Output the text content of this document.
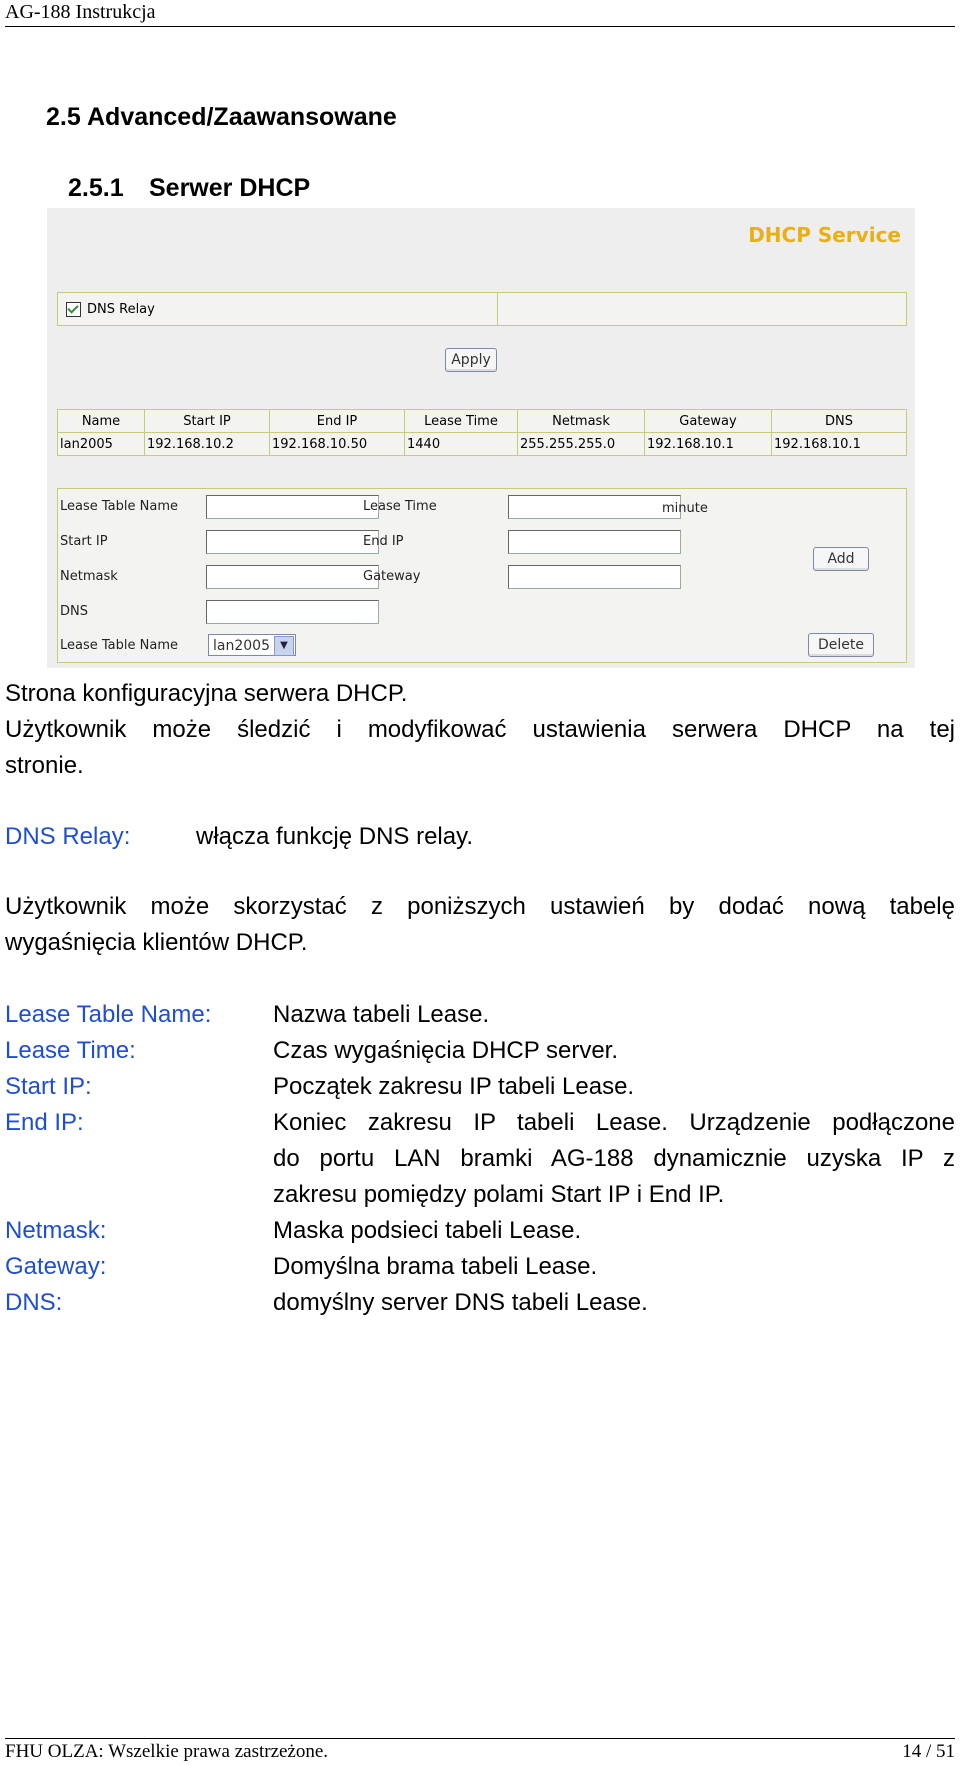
AG-188 Instrukcja
2.5 Advanced/Zaawansowane
2.5.1 Serwer DHCP
DHCP Service
DNS Relay
Apply
Name	Start IP	End IP	Lease Time	Netmask	Gateway	DNS
lan2005	192.168.10.2	192.168.10.50	1440	255.255.255.0	192.168.10.1	192.168.10.1
Lease Table Name	Lease Time	minute
Start IP	End IP
Netmask	Gateway
DNS
Lease Table Name	lan2005	▼
Add
Delete
Strona konfiguracyjna serwera DHCP.
Użytkownik może śledzić i modyfikować ustawienia serwera DHCP na tej
stronie.
DNS Relay:	włącza funkcję DNS relay.
Użytkownik może skorzystać z poniższych ustawień by dodać nową tabelę
wygaśnięcia klientów DHCP.
Lease Table Name:	Nazwa tabeli Lease.
Lease Time:	Czas wygaśnięcia DHCP server.
Start IP:	Początek zakresu IP tabeli Lease.
End IP:	Koniec zakresu IP tabeli Lease. Urządzenie podłączone
do portu LAN bramki AG-188 dynamicznie uzyska IP z
zakresu pomiędzy polami Start IP i End IP.
Netmask:	Maska podsieci tabeli Lease.
Gateway:	Domyślna brama tabeli Lease.
DNS:	domyślny server DNS tabeli Lease.
FHU OLZA: Wszelkie prawa zastrzeżone.	14 / 51
